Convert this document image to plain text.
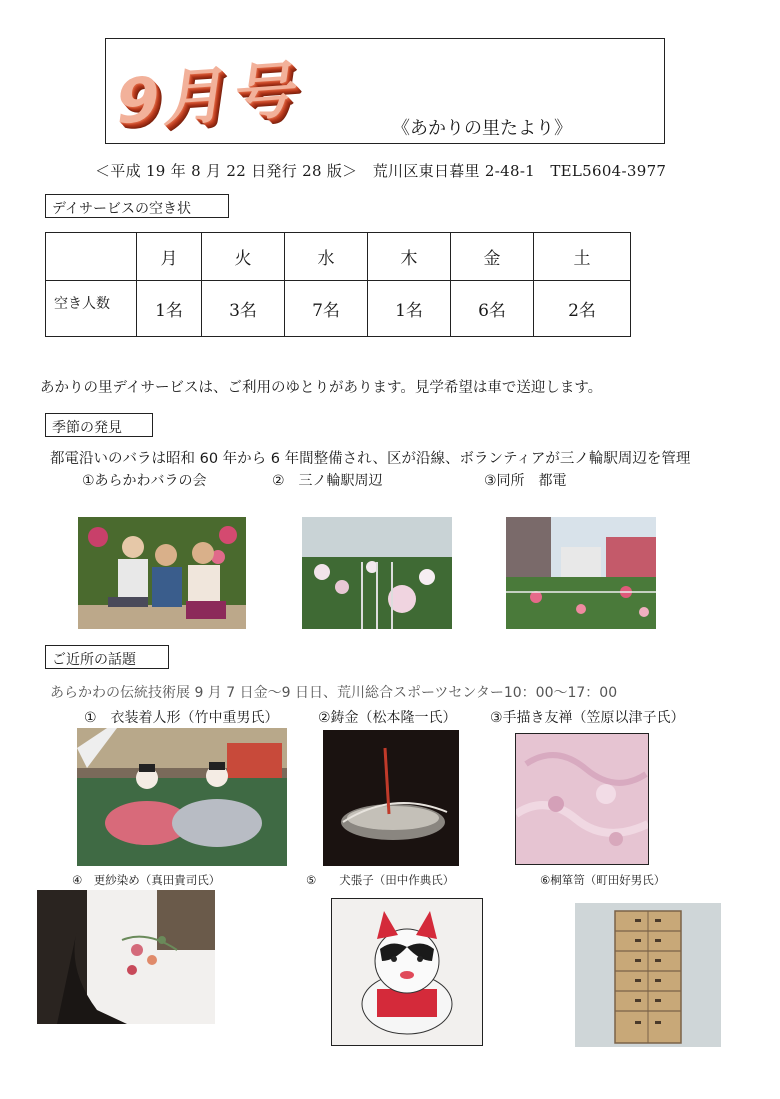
9月号	《あかりの里たより》
＜平成 19 年 8 月 22 日発行 28 版＞　荒川区東日暮里 2-48-1　TEL5604-3977
デイサービスの空き状
	月	火	水	木	金	土
空き人数	1名	3名	7名	1名	6名	2名
あかりの里デイサービスは、ご利用のゆとりがあります。見学希望は車で送迎します。
季節の発見
都電沿いのバラは昭和 60 年から 6 年間整備され、区が沿線、ボランティアが三ノ輪駅周辺を管理
①あらかわバラの会	②　三ノ輪駅周辺	③同所　都電
ご近所の話題
あらかわの伝統技術展 9 月 7 日金～9 日日、荒川総合スポーツセンター10：00～17：00
①　衣装着人形（竹中重男氏）	②鋳金（松本隆一氏） ③手描き友禅（笠原以津子氏）
④　更紗染め（真田貴司氏）	⑤　　犬張子（田中作典氏）	⑥桐箪笥（町田好男氏）
